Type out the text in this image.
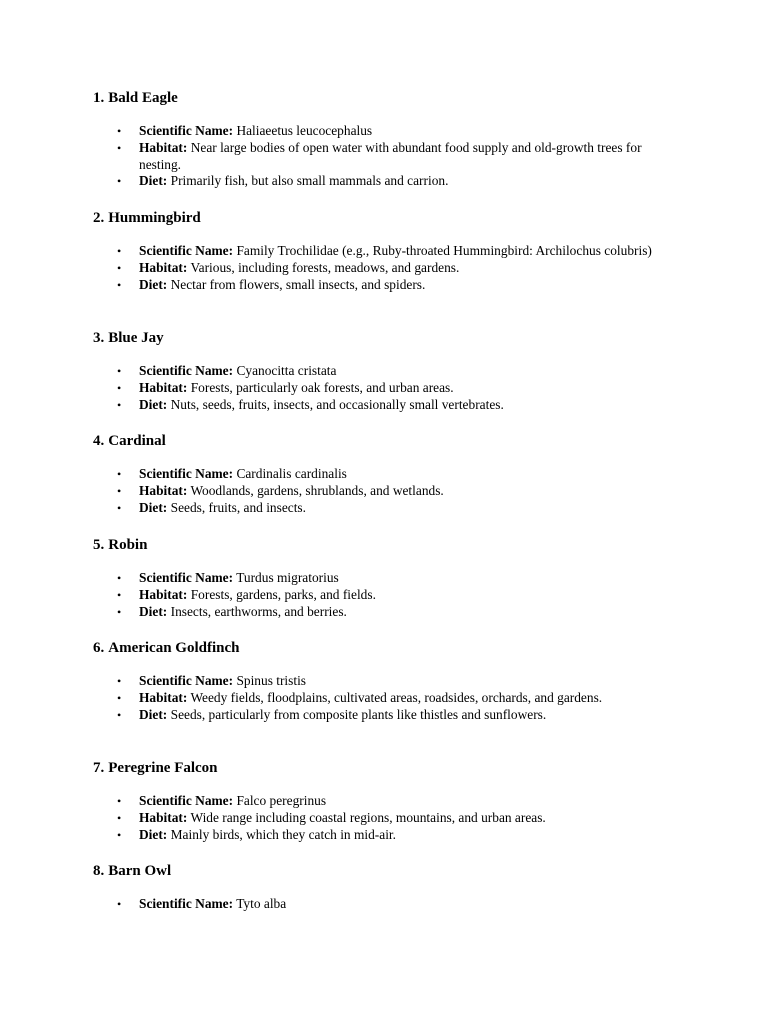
1. Bald Eagle
• Scientific Name: Haliaeetus leucocephalus
• Habitat: Near large bodies of open water with abundant food supply and old-growth trees for nesting.
• Diet: Primarily fish, but also small mammals and carrion.
2. Hummingbird
• Scientific Name: Family Trochilidae (e.g., Ruby-throated Hummingbird: Archilochus colubris)
• Habitat: Various, including forests, meadows, and gardens.
• Diet: Nectar from flowers, small insects, and spiders.
3. Blue Jay
• Scientific Name: Cyanocitta cristata
• Habitat: Forests, particularly oak forests, and urban areas.
• Diet: Nuts, seeds, fruits, insects, and occasionally small vertebrates.
4. Cardinal
• Scientific Name: Cardinalis cardinalis
• Habitat: Woodlands, gardens, shrublands, and wetlands.
• Diet: Seeds, fruits, and insects.
5. Robin
• Scientific Name: Turdus migratorius
• Habitat: Forests, gardens, parks, and fields.
• Diet: Insects, earthworms, and berries.
6. American Goldfinch
• Scientific Name: Spinus tristis
• Habitat: Weedy fields, floodplains, cultivated areas, roadsides, orchards, and gardens.
• Diet: Seeds, particularly from composite plants like thistles and sunflowers.
7. Peregrine Falcon
• Scientific Name: Falco peregrinus
• Habitat: Wide range including coastal regions, mountains, and urban areas.
• Diet: Mainly birds, which they catch in mid-air.
8. Barn Owl
• Scientific Name: Tyto alba
